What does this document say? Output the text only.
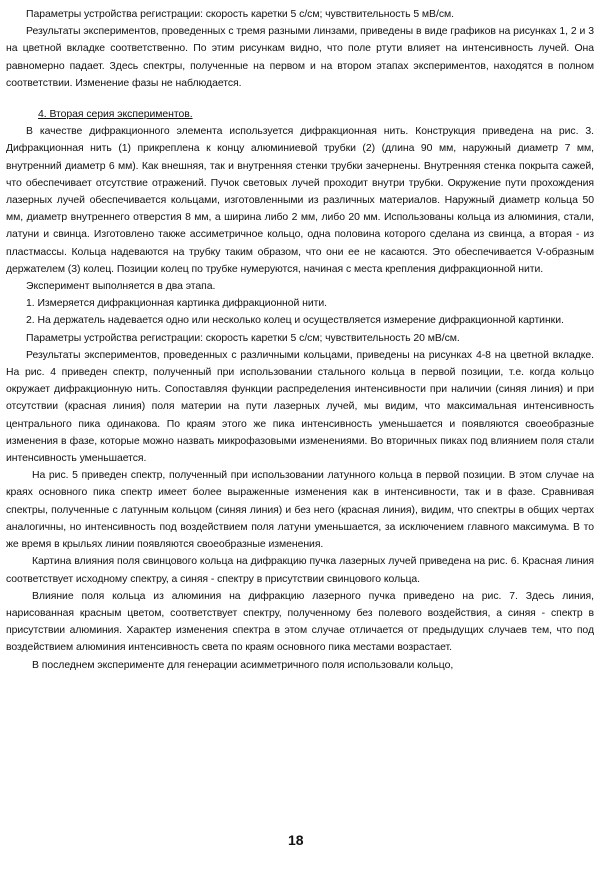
Параметры устройства регистрации: скорость каретки 5 с/см; чувствительность 5 мВ/см.

Результаты экспериментов, проведенных с тремя разными линзами, приведены в виде графиков на рисунках 1, 2 и 3 на цветной вкладке соответственно. По этим рисункам видно, что поле ртути влияет на интенсивность лучей. Она равномерно падает. Здесь спектры, полученные на первом и на втором этапах экспериментов, находятся в полном соответствии. Изменение фазы не наблюдается.

4. Вторая серия экспериментов.

В качестве дифракционного элемента используется дифракционная нить. Конструкция приведена на рис. 3. Дифракционная нить (1) прикреплена к концу алюминиевой трубки (2) (длина 90 мм, наружный диаметр 7 мм, внутренний диаметр 6 мм). Как внешняя, так и внутренняя стенки трубки зачернены. Внутренняя стенка покрыта сажей, что обеспечивает отсутствие отражений. Пучок световых лучей проходит внутри трубки. Окружение пути прохождения лазерных лучей обеспечивается кольцами, изготовленными из различных материалов. Наружный диаметр кольца 50 мм, диаметр внутреннего отверстия 8 мм, а ширина либо 2 мм, либо 20 мм. Использованы кольца из алюминия, стали, латуни и свинца. Изготовлено также ассиметричное кольцо, одна половина которого сделана из свинца, а вторая - из пластмассы. Кольца надеваются на трубку таким образом, что они ее не касаются. Это обеспечивается V-образным держателем (3) колец. Позиции колец по трубке нумеруются, начиная с места крепления дифракционной нити.

Эксперимент выполняется в два этапа.

1. Измеряется дифракционная картинка дифракционной нити.

2. На держатель надевается одно или несколько колец и осуществляется измерение дифракционной картинки.

Параметры устройства регистрации: скорость каретки 5 с/см; чувствительность 20 мВ/см.

Результаты экспериментов, проведенных с различными кольцами, приведены на рисунках 4-8 на цветной вкладке. На рис. 4 приведен спектр, полученный при использовании стального кольца в первой позиции, т.е. когда кольцо окружает дифракционную нить. Сопоставляя функции распределения интенсивности при наличии (синяя линия) и при отсутствии (красная линия) поля материи на пути лазерных лучей, мы видим, что максимальная интенсивность центрального пика одинакова. По краям этого же пика интенсивность уменьшается и появляются своеобразные изменения в фазе, которые можно назвать микрофазовыми изменениями. Во вторичных пиках под влиянием поля стали интенсивность уменьшается.

На рис. 5 приведен спектр, полученный при использовании латунного кольца в первой позиции. В этом случае на краях основного пика спектр имеет более выраженные изменения как в интенсивности, так и в фазе. Сравнивая спектры, полученные с латунным кольцом (синяя линия) и без него (красная линия), видим, что спектры в общих чертах аналогичны, но интенсивность под воздействием поля латуни уменьшается, за исключением главного максимума. В то же время в крыльях линии появляются своеобразные изменения.

Картина влияния поля свинцового кольца на дифракцию пучка лазерных лучей приведена на рис. 6. Красная линия соответствует исходному спектру, а синяя - спектру в присутствии свинцового кольца.

Влияние поля кольца из алюминия на дифракцию лазерного пучка приведено на рис. 7. Здесь линия, нарисованная красным цветом, соответствует спектру, полученному без полевого воздействия, а синяя - спектр в присутствии алюминия. Характер изменения спектра в этом случае отличается от предыдущих случаев тем, что под воздействием алюминия интенсивность света по краям основного пика местами возрастает.

В последнем эксперименте для генерации асимметричного поля использовали кольцо,

18
